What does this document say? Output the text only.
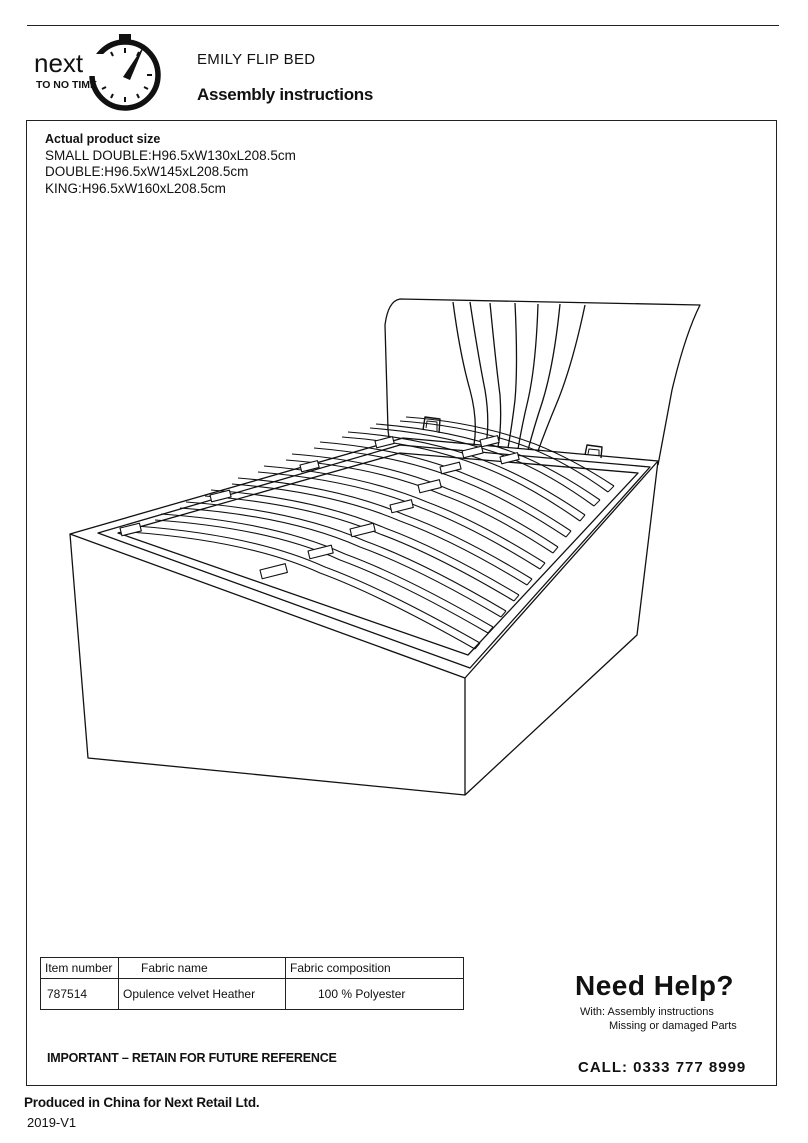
next
TO NO TIME
EMILY FLIP BED
Assembly instructions
Actual product size
SMALL DOUBLE:H96.5xW130xL208.5cm
DOUBLE:H96.5xW145xL208.5cm
KING:H96.5xW160xL208.5cm
Item number	Fabric name	Fabric composition
787514	Opulence velvet Heather	100 % Polyester	Need Help?
With: Assembly instructions
Missing or damaged Parts
IMPORTANT – RETAIN FOR FUTURE REFERENCE
CALL: 0333 777 8999
Produced in China for Next Retail Ltd.
2019-V1
